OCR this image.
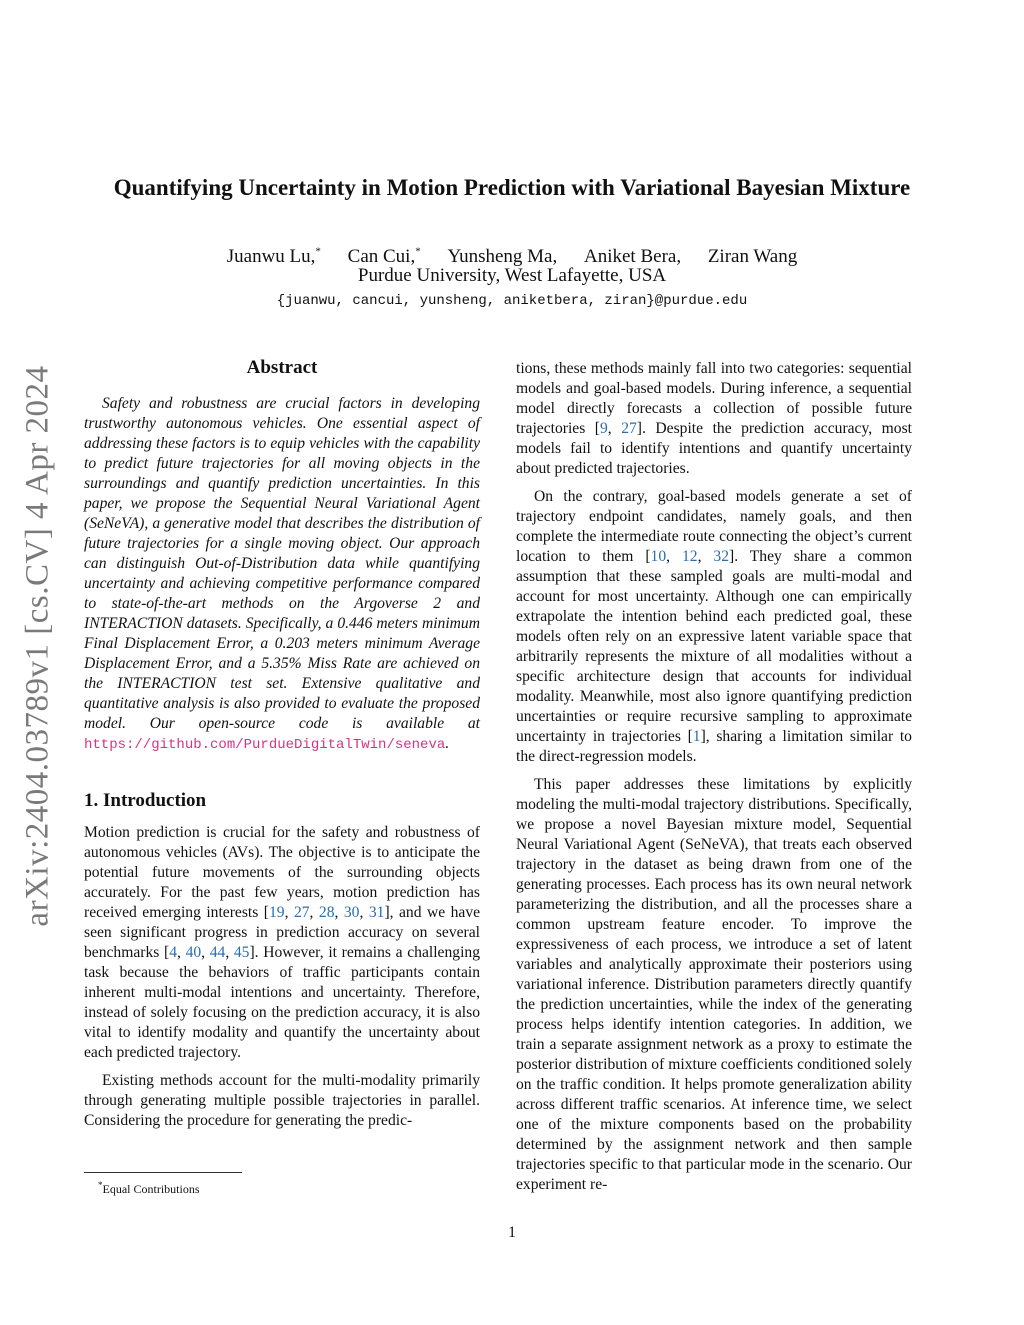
arXiv:2404.03789v1 [cs.CV] 4 Apr 2024
Quantifying Uncertainty in Motion Prediction with Variational Bayesian Mixture
Juanwu Lu,* Can Cui,* Yunsheng Ma, Aniket Bera, Ziran Wang
Purdue University, West Lafayette, USA
{juanwu, cancui, yunsheng, aniketbera, ziran}@purdue.edu
Abstract

Safety and robustness are crucial factors in developing trustworthy autonomous vehicles. One essential aspect of addressing these factors is to equip vehicles with the capability to predict future trajectories for all moving objects in the surroundings and quantify prediction uncertainties. In this paper, we propose the Sequential Neural Variational Agent (SeNeVA), a generative model that describes the distribution of future trajectories for a single moving object. Our approach can distinguish Out-of-Distribution data while quantifying uncertainty and achieving competitive performance compared to state-of-the-art methods on the Argoverse 2 and INTERACTION datasets. Specifically, a 0.446 meters minimum Final Displacement Error, a 0.203 meters minimum Average Displacement Error, and a 5.35% Miss Rate are achieved on the INTERACTION test set. Extensive qualitative and quantitative analysis is also provided to evaluate the proposed model. Our open-source code is available at https://github.com/PurdueDigitalTwin/seneva.

1. Introduction

Motion prediction is crucial for the safety and robustness of autonomous vehicles (AVs). The objective is to anticipate the potential future movements of the surrounding objects accurately. For the past few years, motion prediction has received emerging interests [19, 27, 28, 30, 31], and we have seen significant progress in prediction accuracy on several benchmarks [4, 40, 44, 45]. However, it remains a challenging task because the behaviors of traffic participants contain inherent multi-modal intentions and uncertainty. Therefore, instead of solely focusing on the prediction accuracy, it is also vital to identify modality and quantify the uncertainty about each predicted trajectory.

Existing methods account for the multi-modality primarily through generating multiple possible trajectories in parallel. Considering the procedure for generating the predic-

tions, these methods mainly fall into two categories: sequential models and goal-based models. During inference, a sequential model directly forecasts a collection of possible future trajectories [9, 27]. Despite the prediction accuracy, most models fail to identify intentions and quantify uncertainty about predicted trajectories.

On the contrary, goal-based models generate a set of trajectory endpoint candidates, namely goals, and then complete the intermediate route connecting the object’s current location to them [10, 12, 32]. They share a common assumption that these sampled goals are multi-modal and account for most uncertainty. Although one can empirically extrapolate the intention behind each predicted goal, these models often rely on an expressive latent variable space that arbitrarily represents the mixture of all modalities without a specific architecture design that accounts for individual modality. Meanwhile, most also ignore quantifying prediction uncertainties or require recursive sampling to approximate uncertainty in trajectories [1], sharing a limitation similar to the direct-regression models.

This paper addresses these limitations by explicitly modeling the multi-modal trajectory distributions. Specifically, we propose a novel Bayesian mixture model, Sequential Neural Variational Agent (SeNeVA), that treats each observed trajectory in the dataset as being drawn from one of the generating processes. Each process has its own neural network parameterizing the distribution, and all the processes share a common upstream feature encoder. To improve the expressiveness of each process, we introduce a set of latent variables and analytically approximate their posteriors using variational inference. Distribution parameters directly quantify the prediction uncertainties, while the index of the generating process helps identify intention categories. In addition, we train a separate assignment network as a proxy to estimate the posterior distribution of mixture coefficients conditioned solely on the traffic condition. It helps promote generalization ability across different traffic scenarios. At inference time, we select one of the mixture components based on the probability determined by the assignment network and then sample trajectories specific to that particular mode in the scenario. Our experiment re-

*Equal Contributions
1
